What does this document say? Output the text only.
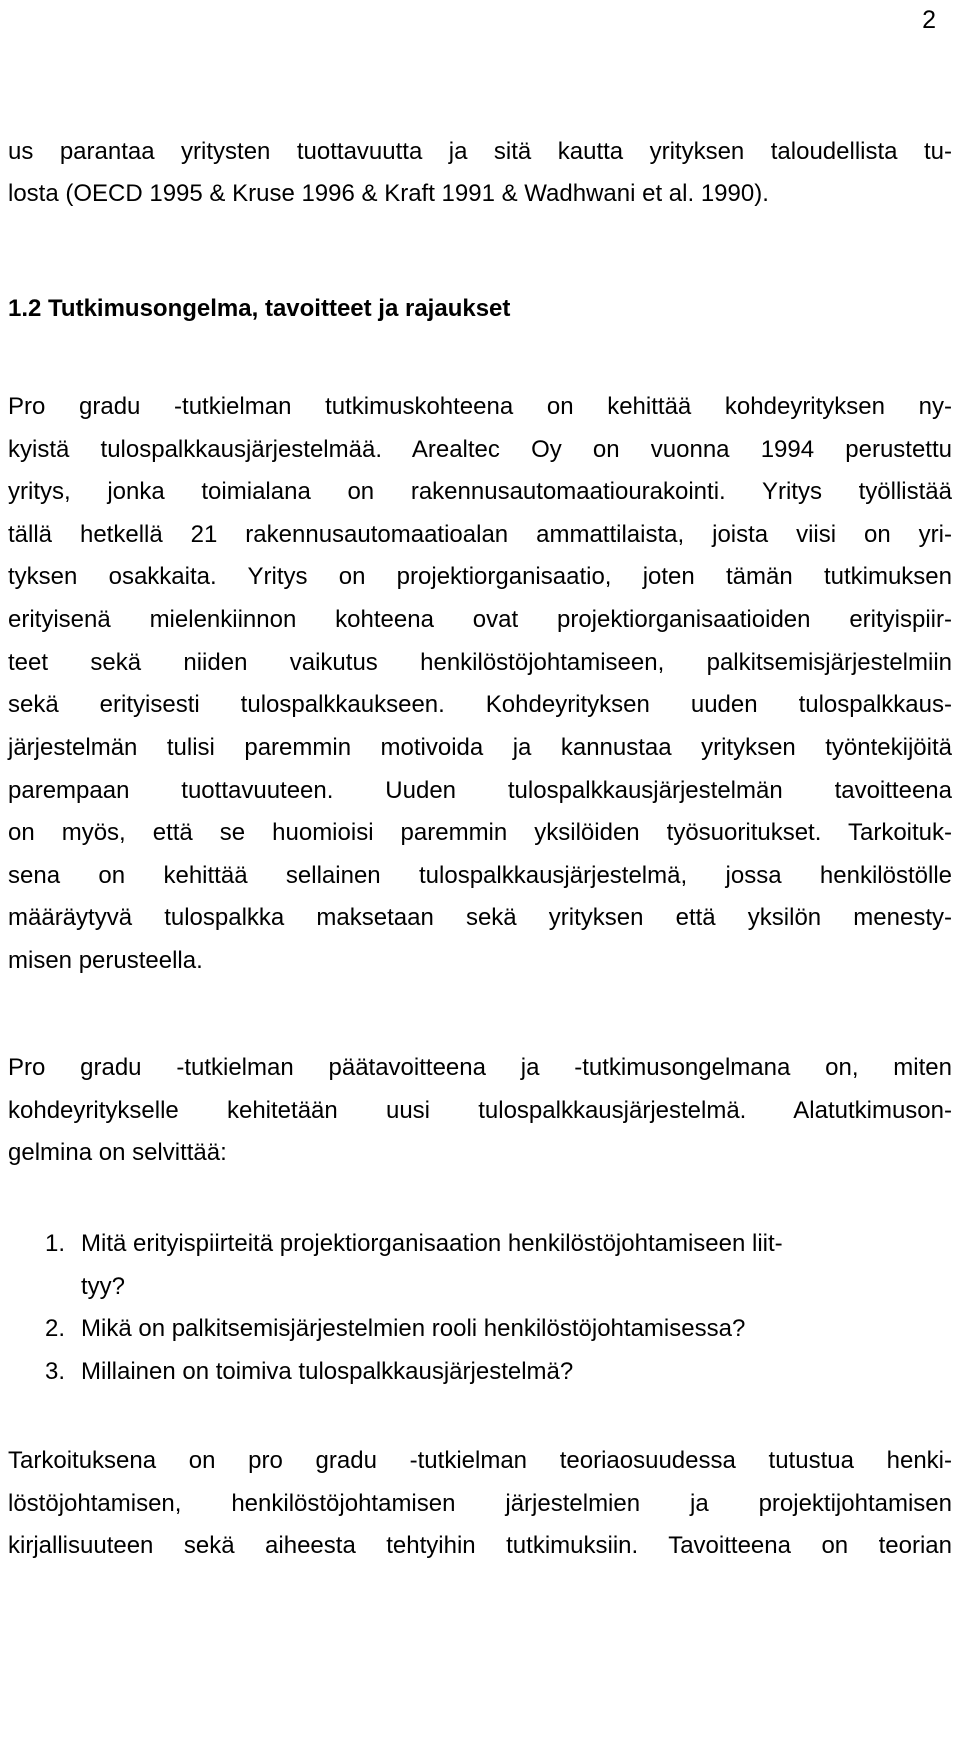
2

us parantaa yritysten tuottavuutta ja sitä kautta yrityksen taloudellista tu-

losta (OECD 1995 & Kruse 1996 & Kraft 1991 & Wadhwani et al. 1990).

1.2 Tutkimusongelma, tavoitteet ja rajaukset

Pro gradu -tutkielman tutkimuskohteena on kehittää kohdeyrityksen ny-

kyistä tulospalkkausjärjestelmää. Arealtec Oy on vuonna 1994 perustettu

yritys, jonka toimialana on rakennusautomaatiourakointi. Yritys työllistää

tällä hetkellä 21 rakennusautomaatioalan ammattilaista, joista viisi on yri-

tyksen osakkaita. Yritys on projektiorganisaatio, joten tämän tutkimuksen

erityisenä mielenkiinnon kohteena ovat projektiorganisaatioiden erityispiir-

teet sekä niiden vaikutus henkilöstöjohtamiseen, palkitsemisjärjestelmiin

sekä erityisesti tulospalkkaukseen. Kohdeyrityksen uuden tulospalkkaus-

järjestelmän tulisi paremmin motivoida ja kannustaa yrityksen työntekijöitä

parempaan tuottavuuteen. Uuden tulospalkkausjärjestelmän tavoitteena

on myös, että se huomioisi paremmin yksilöiden työsuoritukset. Tarkoituk-

sena on kehittää sellainen tulospalkkausjärjestelmä, jossa henkilöstölle

määräytyvä tulospalkka maksetaan sekä yrityksen että yksilön menesty-

misen perusteella.

Pro gradu -tutkielman päätavoitteena ja -tutkimusongelmana on, miten

kohdeyritykselle kehitetään uusi tulospalkkausjärjestelmä. Alatutkimuson-

gelmina on selvittää:

1. Mitä erityispiirteitä projektiorganisaation henkilöstöjohtamiseen liit-
tyy?
2. Mikä on palkitsemisjärjestelmien rooli henkilöstöjohtamisessa?
3. Millainen on toimiva tulospalkkausjärjestelmä?

Tarkoituksena on pro gradu -tutkielman teoriaosuudessa tutustua henki-

löstöjohtamisen, henkilöstöjohtamisen järjestelmien ja projektijohtamisen

kirjallisuuteen sekä aiheesta tehtyihin tutkimuksiin. Tavoitteena on teorian
